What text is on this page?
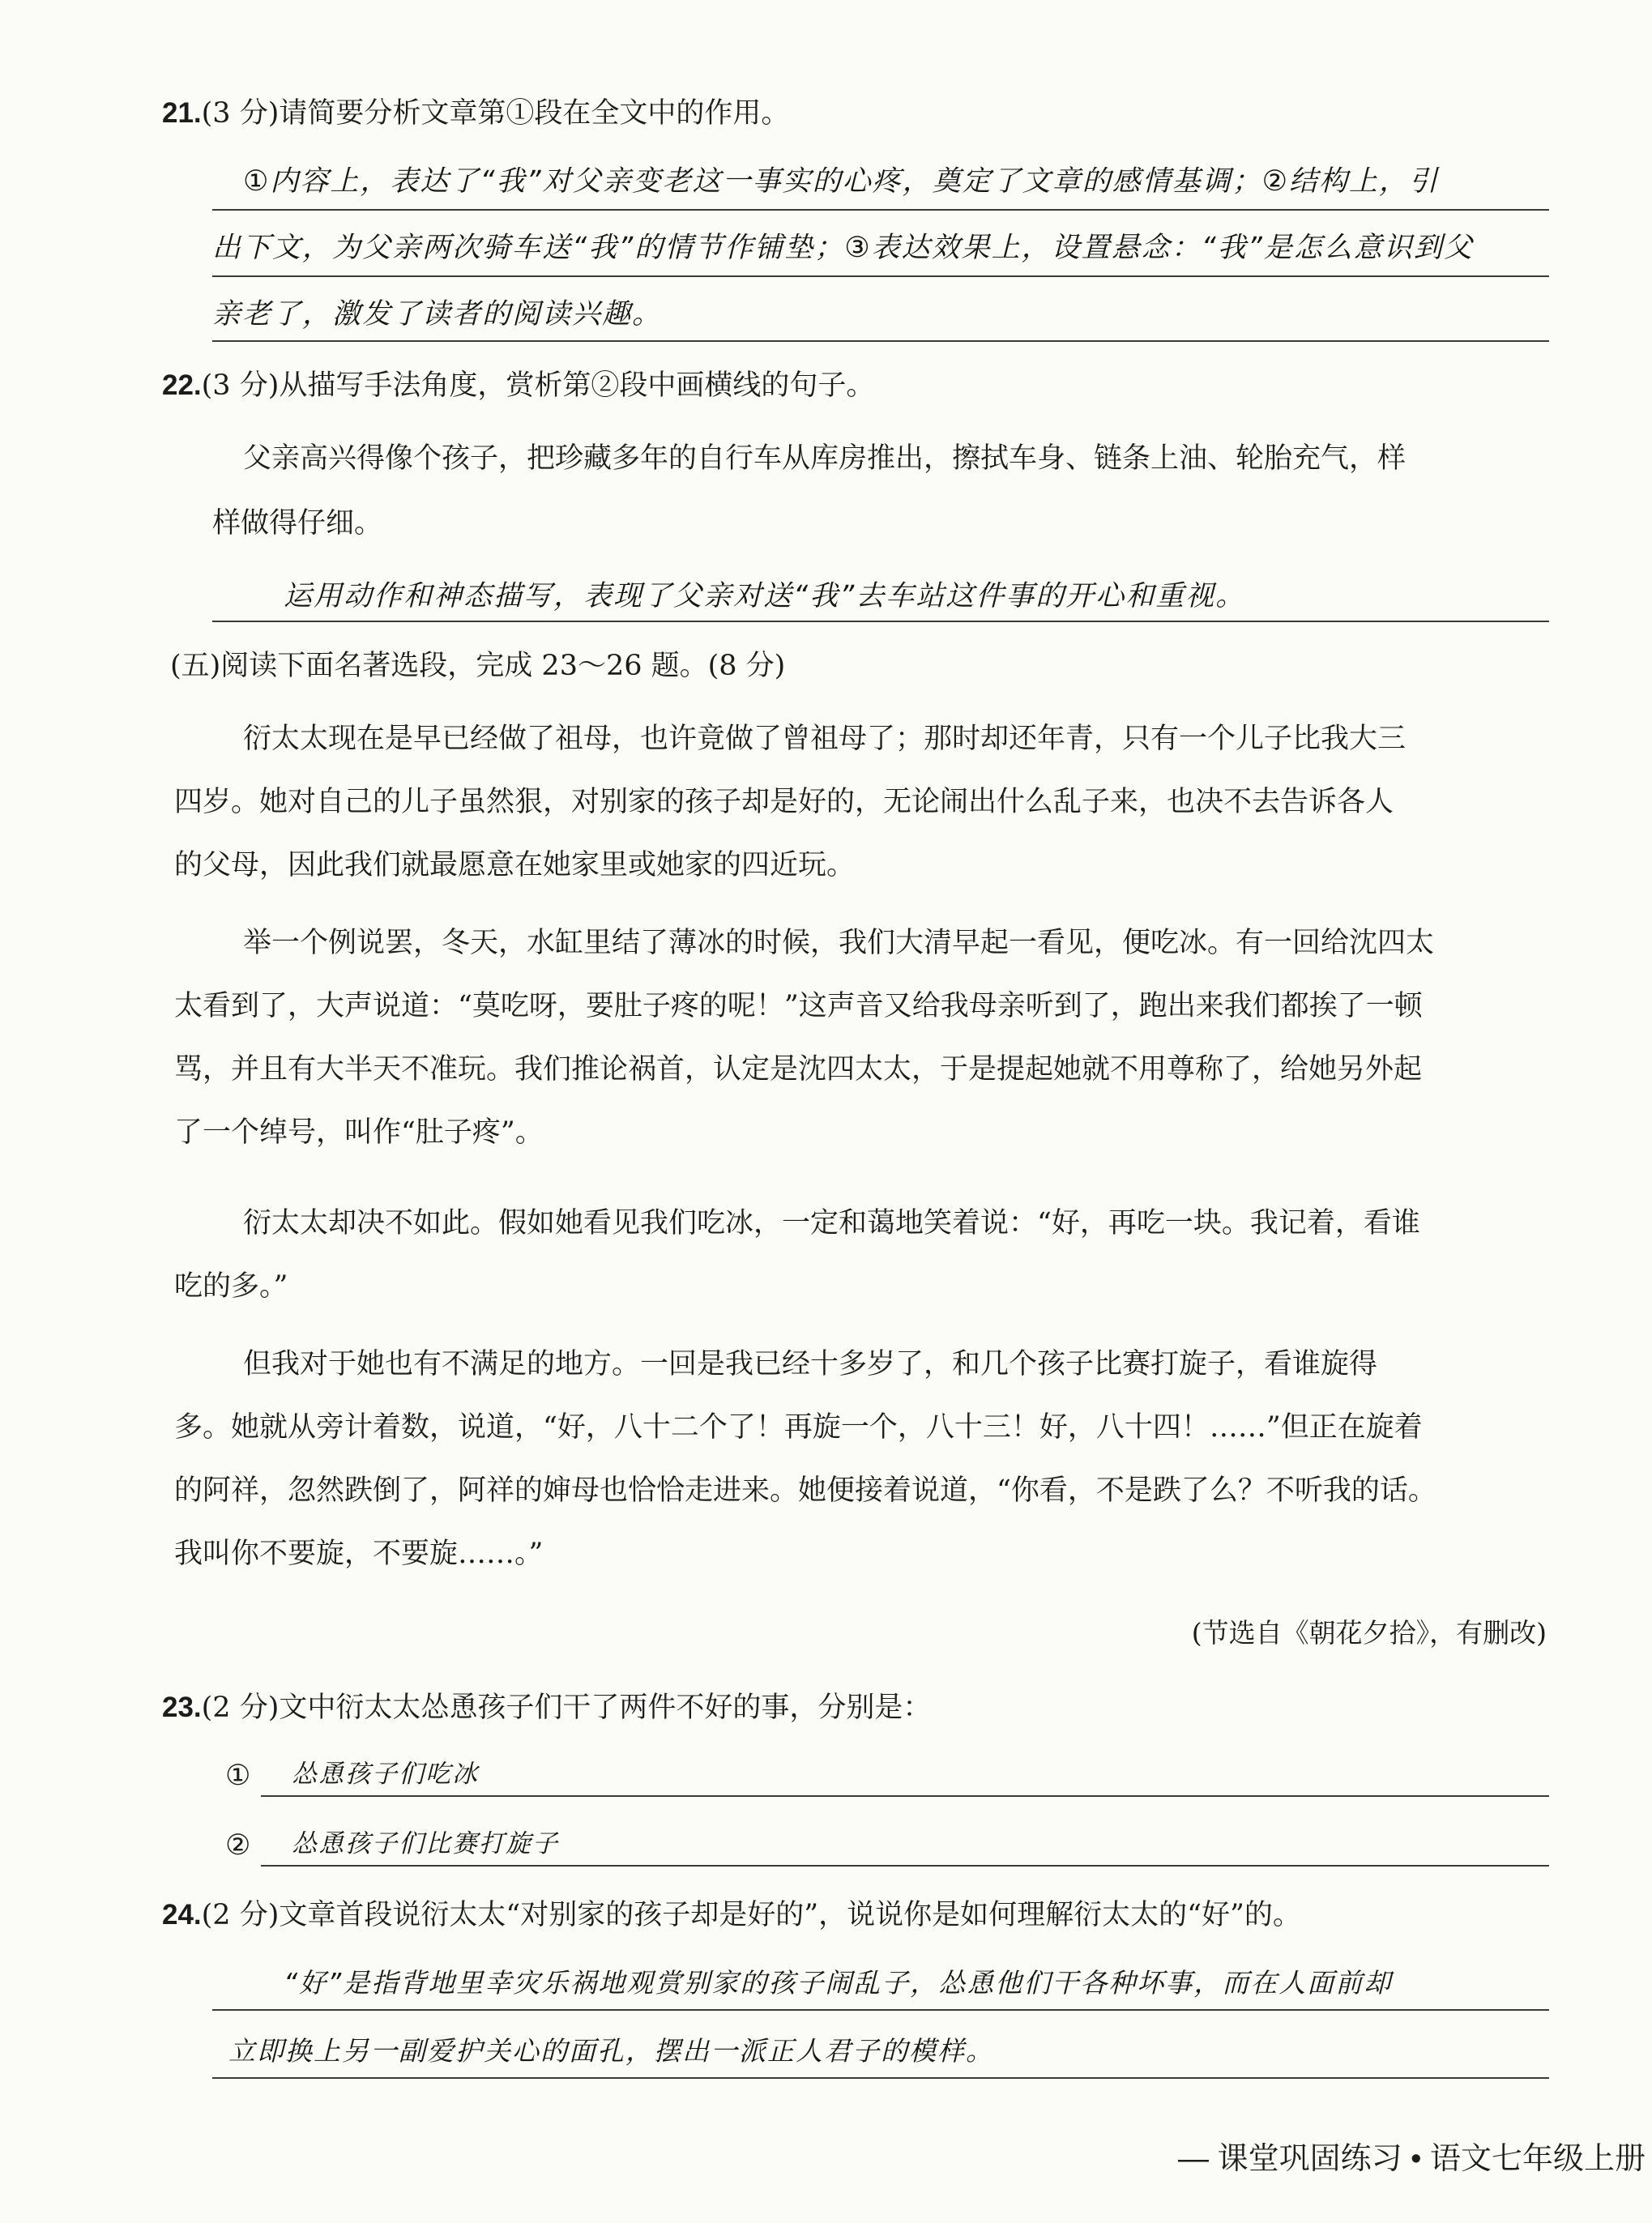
21.(3 分)请简要分析文章第①段在全文中的作用。
①内容上，表达了“我”对父亲变老这一事实的心疼，奠定了文章的感情基调；②结构上，引
出下文，为父亲两次骑车送“我”的情节作铺垫；③表达效果上，设置悬念：“我”是怎么意识到父
亲老了，激发了读者的阅读兴趣。
22.(3 分)从描写手法角度，赏析第②段中画横线的句子。
父亲高兴得像个孩子，把珍藏多年的自行车从库房推出，擦拭车身、链条上油、轮胎充气，样
样做得仔细。
运用动作和神态描写，表现了父亲对送“我”去车站这件事的开心和重视。
(五)阅读下面名著选段，完成 23～26 题。(8 分)
衍太太现在是早已经做了祖母，也许竟做了曾祖母了；那时却还年青，只有一个儿子比我大三
四岁。她对自己的儿子虽然狠，对别家的孩子却是好的，无论闹出什么乱子来，也决不去告诉各人
的父母，因此我们就最愿意在她家里或她家的四近玩。
举一个例说罢，冬天，水缸里结了薄冰的时候，我们大清早起一看见，便吃冰。有一回给沈四太
太看到了，大声说道：“莫吃呀，要肚子疼的呢！”这声音又给我母亲听到了，跑出来我们都挨了一顿
骂，并且有大半天不准玩。我们推论祸首，认定是沈四太太，于是提起她就不用尊称了，给她另外起
了一个绰号，叫作“肚子疼”。
衍太太却决不如此。假如她看见我们吃冰，一定和蔼地笑着说：“好，再吃一块。我记着，看谁
吃的多。”
但我对于她也有不满足的地方。一回是我已经十多岁了，和几个孩子比赛打旋子，看谁旋得
多。她就从旁计着数，说道，“好，八十二个了！再旋一个，八十三！好，八十四！……”但正在旋着
的阿祥，忽然跌倒了，阿祥的婶母也恰恰走进来。她便接着说道，“你看，不是跌了么？不听我的话。
我叫你不要旋，不要旋……。”
(节选自《朝花夕拾》，有删改)
23.(2 分)文中衍太太怂恿孩子们干了两件不好的事，分别是：
① 怂恿孩子们吃冰
② 怂恿孩子们比赛打旋子
24.(2 分)文章首段说衍太太“对别家的孩子却是好的”，说说你是如何理解衍太太的“好”的。
“好”是指背地里幸灾乐祸地观赏别家的孩子闹乱子，怂恿他们干各种坏事，而在人面前却
立即换上另一副爱护关心的面孔，摆出一派正人君子的模样。
— 课堂巩固练习 • 语文七年级上册
